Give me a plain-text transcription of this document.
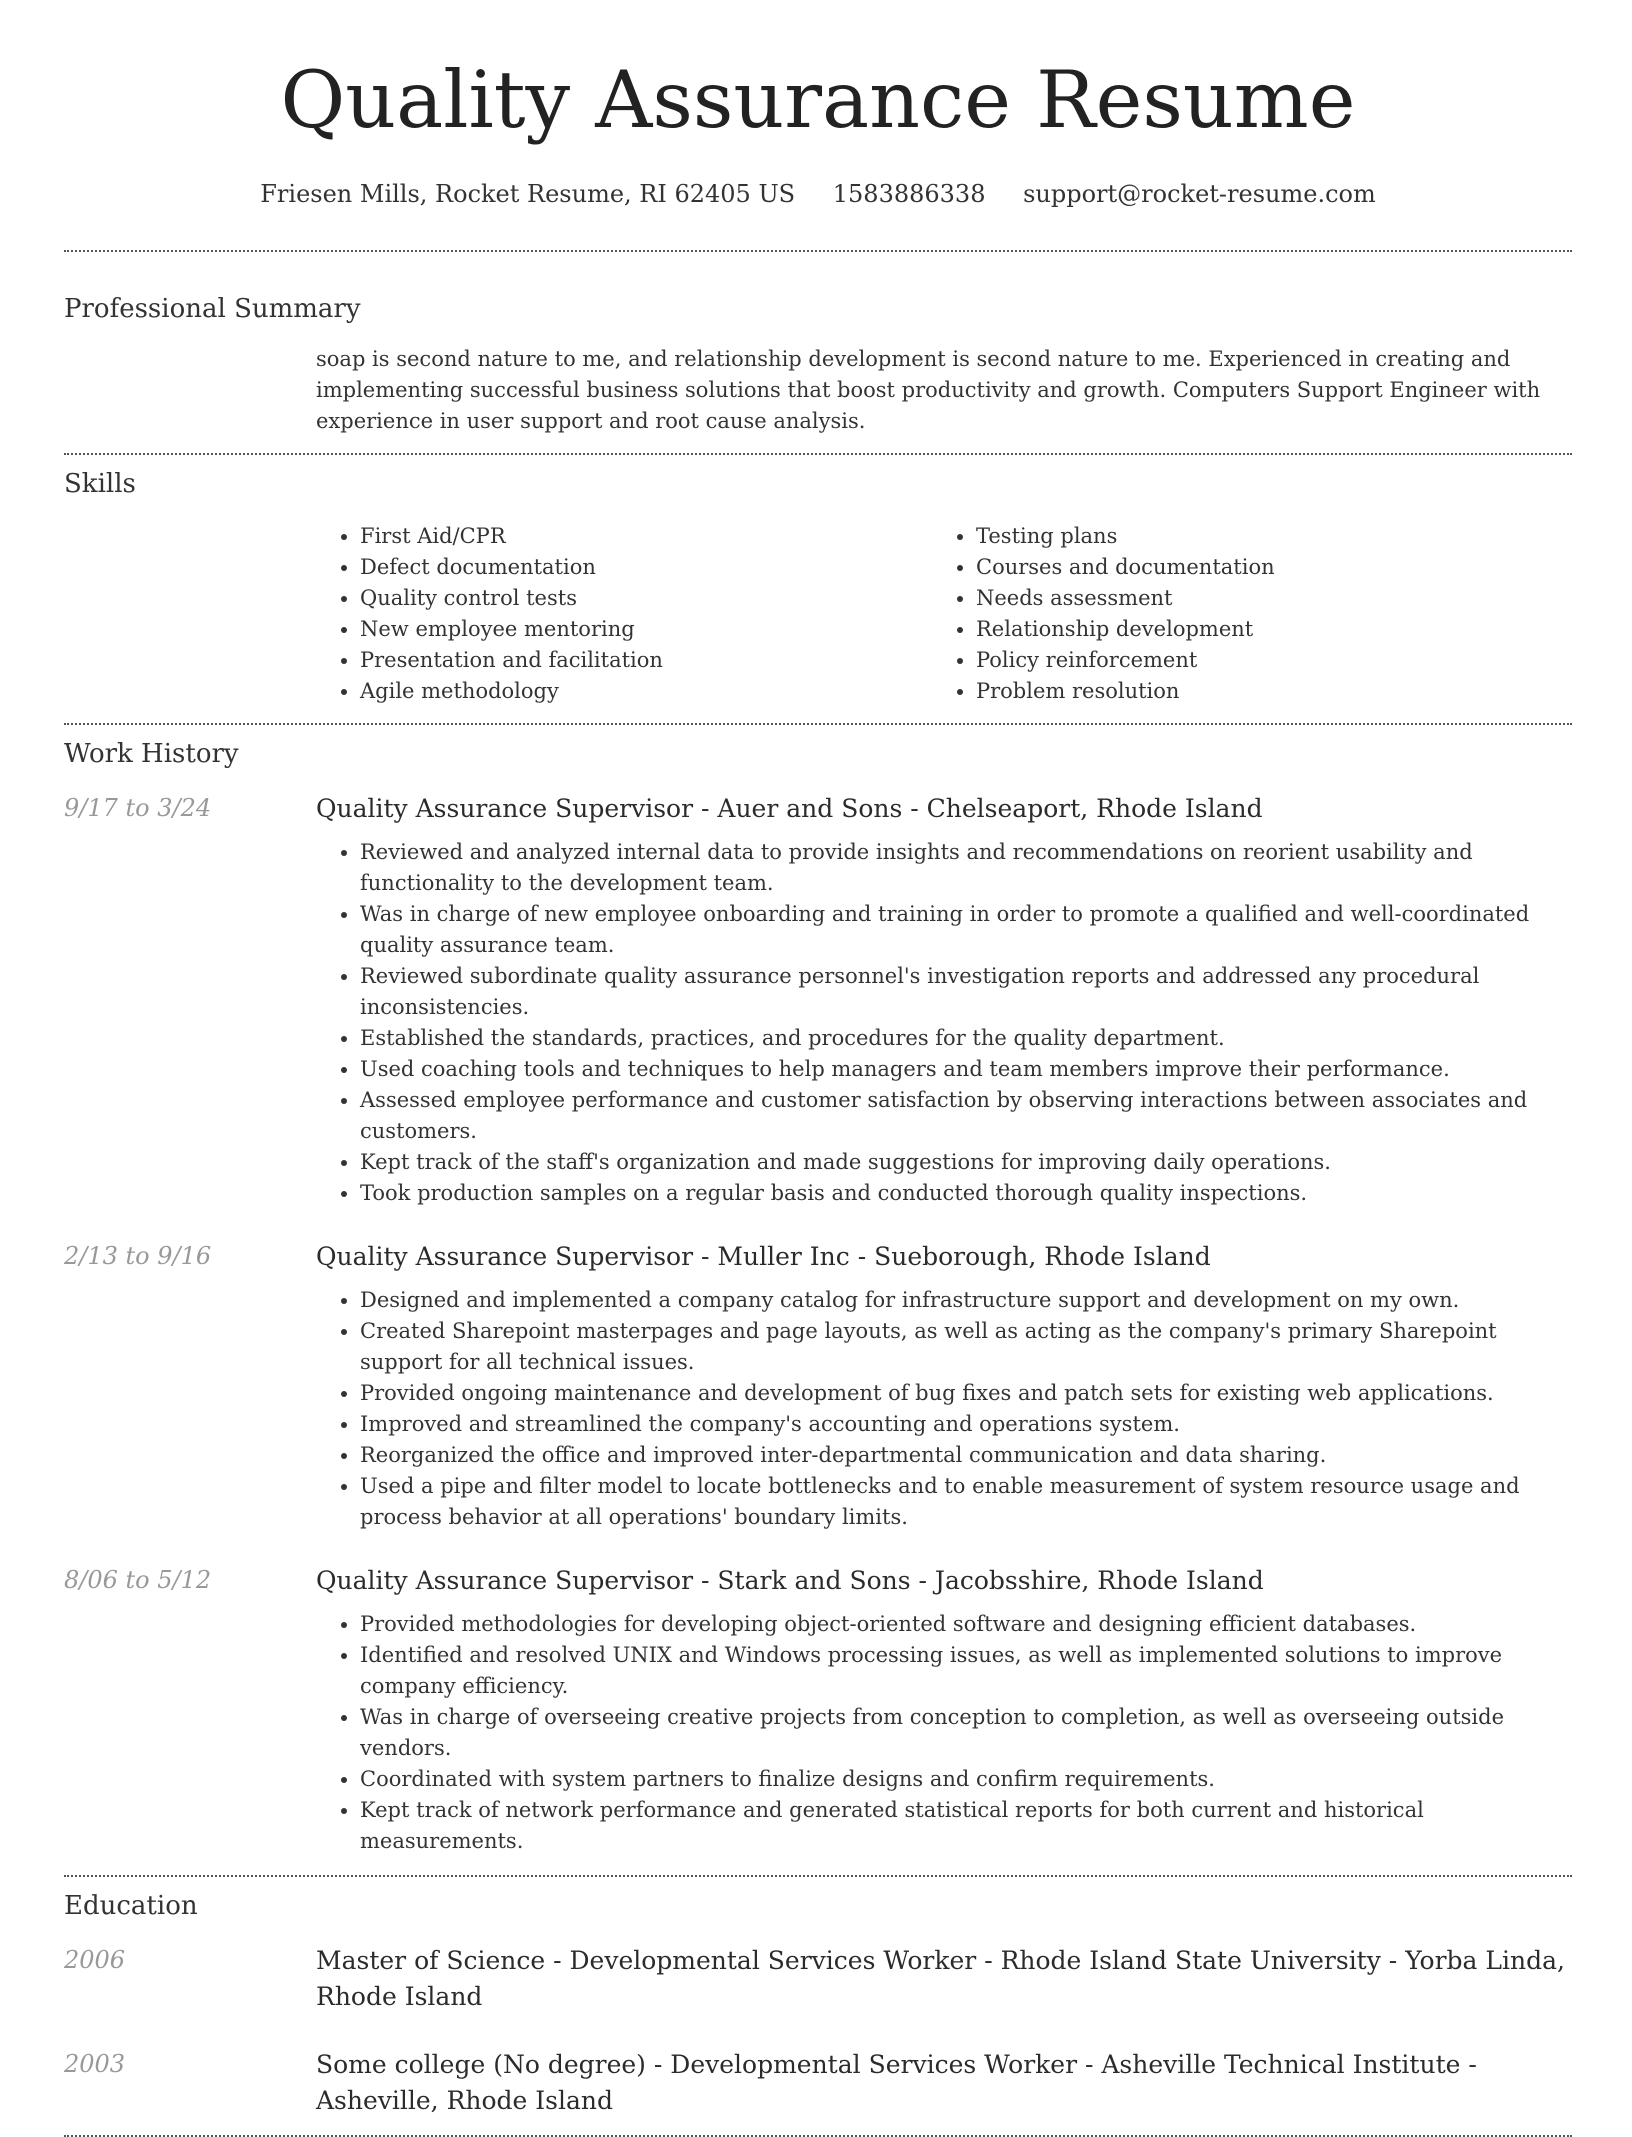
Quality Assurance Resume
Friesen Mills, Rocket Resume, RI 62405 US 1583886338 support@rocket-resume.com
Professional Summary
soap is second nature to me, and relationship development is second nature to me. Experienced in creating and implementing successful business solutions that boost productivity and growth. Computers Support Engineer with experience in user support and root cause analysis.
Skills
• First Aid/CPR
• Defect documentation
• Quality control tests
• New employee mentoring
• Presentation and facilitation
• Agile methodology
• Testing plans
• Courses and documentation
• Needs assessment
• Relationship development
• Policy reinforcement
• Problem resolution
Work History
9/17 to 3/24	Quality Assurance Supervisor - Auer and Sons - Chelseaport, Rhode Island
• Reviewed and analyzed internal data to provide insights and recommendations on reorient usability and functionality to the development team.
• Was in charge of new employee onboarding and training in order to promote a qualified and well-coordinated quality assurance team.
• Reviewed subordinate quality assurance personnel's investigation reports and addressed any procedural inconsistencies.
• Established the standards, practices, and procedures for the quality department.
• Used coaching tools and techniques to help managers and team members improve their performance.
• Assessed employee performance and customer satisfaction by observing interactions between associates and customers.
• Kept track of the staff's organization and made suggestions for improving daily operations.
• Took production samples on a regular basis and conducted thorough quality inspections.
2/13 to 9/16	Quality Assurance Supervisor - Muller Inc - Sueborough, Rhode Island
• Designed and implemented a company catalog for infrastructure support and development on my own.
• Created Sharepoint masterpages and page layouts, as well as acting as the company's primary Sharepoint support for all technical issues.
• Provided ongoing maintenance and development of bug fixes and patch sets for existing web applications.
• Improved and streamlined the company's accounting and operations system.
• Reorganized the office and improved inter-departmental communication and data sharing.
• Used a pipe and filter model to locate bottlenecks and to enable measurement of system resource usage and process behavior at all operations' boundary limits.
8/06 to 5/12	Quality Assurance Supervisor - Stark and Sons - Jacobsshire, Rhode Island
• Provided methodologies for developing object-oriented software and designing efficient databases.
• Identified and resolved UNIX and Windows processing issues, as well as implemented solutions to improve company efficiency.
• Was in charge of overseeing creative projects from conception to completion, as well as overseeing outside vendors.
• Coordinated with system partners to finalize designs and confirm requirements.
• Kept track of network performance and generated statistical reports for both current and historical measurements.
Education
2006	Master of Science - Developmental Services Worker - Rhode Island State University - Yorba Linda, Rhode Island
2003	Some college (No degree) - Developmental Services Worker - Asheville Technical Institute - Asheville, Rhode Island
